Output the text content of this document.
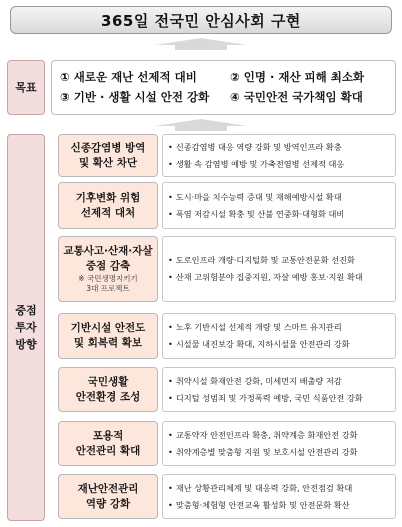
365일 전국민 안심사회 구현
목표
① 새로운 재난 선제적 대비	② 인명 · 재산 피해 최소화
③ 기반 · 생활 시설 안전 강화	④ 국민안전 국가책임 확대
중점
투자
방향
신종감염병 방역
및 확산 차단
• 신종감염병 대응 역량 강화 및 방역인프라 확충
• 생활 속 감염병 예방 및 가축전염병 선제적 대응
기후변화 위험
선제적 대처
• 도시·마을 치수능력 증대 및 재해예방시설 확대
• 폭염 저감시설 확충 및 산불 연중화·대형화 대비
교통사고·산재·자살
중점 감축
※ 국민생명지키기
3대 프로젝트
• 도로인프라 개량·디지털화 및 교통안전문화 선진화
• 산재 고위험분야 집중지원, 자살 예방 홍보·지원 확대
기반시설 안전도
및 회복력 확보
• 노후 기반시설 선제적 개량 및 스마트 유지관리
• 시설물 내진보강 확대, 지하시설물 안전관리 강화
국민생활
안전환경 조성
• 취약시설 화재안전 강화, 미세먼지 배출량 저감
• 디지털 성범죄 및 가정폭력 예방, 국민 식품안전 강화
포용적
안전관리 확대
• 교통약자 안전인프라 확충, 취약계층 화재안전 강화
• 취약계층별 맞춤형 지원 및 보호시설 안전관리 강화
재난안전관리
역량 강화
• 재난 상황관리체계 및 대응력 강화, 안전점검 확대
• 맞춤형·체험형 안전교육 활성화 및 안전문화 확산
